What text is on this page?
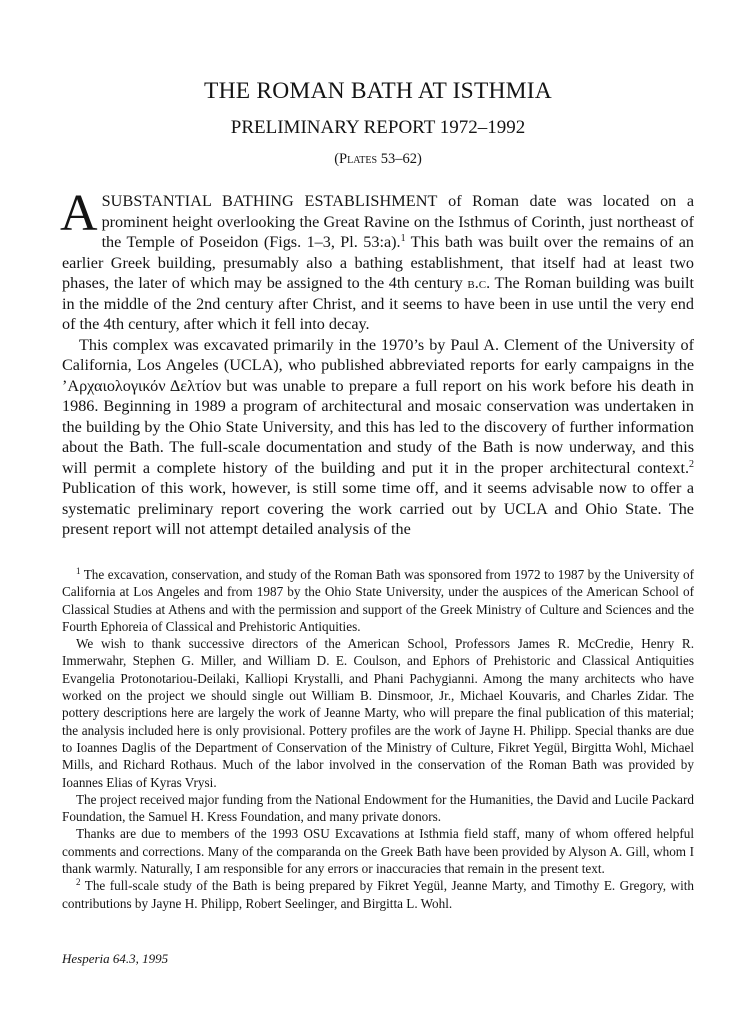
THE ROMAN BATH AT ISTHMIA
PRELIMINARY REPORT 1972–1992
(Plates 53–62)

ASUBSTANTIAL BATHING ESTABLISHMENT of Roman date was located on a prominent height overlooking the Great Ravine on the Isthmus of Corinth, just northeast of the Temple of Poseidon (Figs. 1–3, Pl. 53:a).$^1$ This bath was built over the remains of an earlier Greek building, presumably also a bathing establishment, that itself had at least two phases, the later of which may be assigned to the 4th century b.c. The Roman building was built in the middle of the 2nd century after Christ, and it seems to have been in use until the very end of the 4th century, after which it fell into decay.

This complex was excavated primarily in the 1970’s by Paul A. Clement of the University of California, Los Angeles (UCLA), who published abbreviated reports for early campaigns in the ’Αρχαιολογικόν Δελτίον but was unable to prepare a full report on his work before his death in 1986. Beginning in 1989 a program of architectural and mosaic conservation was undertaken in the building by the Ohio State University, and this has led to the discovery of further information about the Bath. The full-scale documentation and study of the Bath is now underway, and this will permit a complete history of the building and put it in the proper architectural context.$^2$ Publication of this work, however, is still some time off, and it seems advisable now to offer a systematic preliminary report covering the work carried out by UCLA and Ohio State. The present report will not attempt detailed analysis of the

$^1$ The excavation, conservation, and study of the Roman Bath was sponsored from 1972 to 1987 by the University of California at Los Angeles and from 1987 by the Ohio State University, under the auspices of the American School of Classical Studies at Athens and with the permission and support of the Greek Ministry of Culture and Sciences and the Fourth Ephoreia of Classical and Prehistoric Antiquities.

We wish to thank successive directors of the American School, Professors James R. McCredie, Henry R. Immerwahr, Stephen G. Miller, and William D. E. Coulson, and Ephors of Prehistoric and Classical Antiquities Evangelia Protonotariou-Deilaki, Kalliopi Krystalli, and Phani Pachygianni. Among the many architects who have worked on the project we should single out William B. Dinsmoor, Jr., Michael Kouvaris, and Charles Zidar. The pottery descriptions here are largely the work of Jeanne Marty, who will prepare the final publication of this material; the analysis included here is only provisional. Pottery profiles are the work of Jayne H. Philipp. Special thanks are due to Ioannes Daglis of the Department of Conservation of the Ministry of Culture, Fikret Yegül, Birgitta Wohl, Michael Mills, and Richard Rothaus. Much of the labor involved in the conservation of the Roman Bath was provided by Ioannes Elias of Kyras Vrysi.

The project received major funding from the National Endowment for the Humanities, the David and Lucile Packard Foundation, the Samuel H. Kress Foundation, and many private donors.

Thanks are due to members of the 1993 OSU Excavations at Isthmia field staff, many of whom offered helpful comments and corrections. Many of the comparanda on the Greek Bath have been provided by Alyson A. Gill, whom I thank warmly. Naturally, I am responsible for any errors or inaccuracies that remain in the present text.

$^2$ The full-scale study of the Bath is being prepared by Fikret Yegül, Jeanne Marty, and Timothy E. Gregory, with contributions by Jayne H. Philipp, Robert Seelinger, and Birgitta L. Wohl.

Hesperia 64.3, 1995
